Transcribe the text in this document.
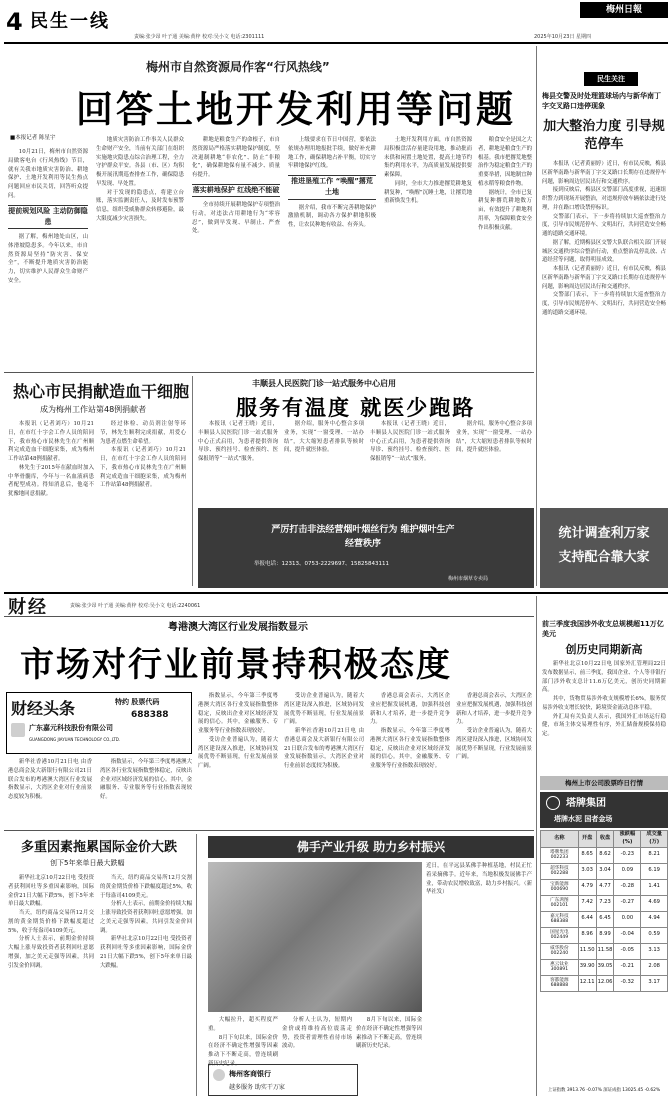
4 民生一线
责编:张少昂 叶子通 美编:黄梓 校对:吴小文 电话:2301111
梅州日報
2025年10月23日 星期四
梅州市自然资源局作客“行风热线”
回答土地开发利用等问题
■本报记者 陈星宇

10月21日，梅州市自然资源局做客电台《行风热线》节目，就有关我市地质灾害防治、耕地保护、土地开发利用等民生热点问题回应市民关切，回答听众提问。

提前规划风险 主动防御隐患

据了解，梅州地处山区，山体滑坡隐患多。今年以来，市自然资源局坚持“防灾害、保安全”，不断提升地质灾害防治能力，切实维护人民群众生命财产安全。

地质灾害防治工作事关人民群众生命财产安全，当前有关部门在组织实施地灾隐患点综合治理工程，全力守护群众平安。各县（市、区）均积极开展汛期巡查排查工作，确保隐患早发现、早处置。

对于发现的隐患点，将建立台账，落实监测责任人，及时发布预警信息，组织受威胁群众转移避险，最大限度减少灾害损失。

耕地是粮食生产的命根子，市自然资源局严格落实耕地保护制度，坚决遏制耕地“非农化”、防止“非粮化”，确保耕地保有量不减少、质量有提升。

落实耕地保护 红线绝不能破

全市持续开展耕地保护专项整治行动，对违法占用耕地行为“零容忍”，做到早发现、早制止、严查处。

上级要求在节日中国营，要依法依规办理用地报批手续，做好补充耕地工作，确保耕地占补平衡，切实守牢耕地保护红线。

推进垦殖工作 “唤醒”撂荒土地

据介绍，我市不断完善耕地保护激励机制，调动各方保护耕地积极性，让农民种地有收益、有奔头。

土地开发利用方面，市自然资源局积极盘活存量建设用地，推动批而未供和闲置土地处置，提高土地节约集约利用水平，为高质量发展提供要素保障。

同时，全市大力推进撂荒耕地复耕复种，“唤醒”沉睡土地，让撂荒地重新焕发生机。

粮食安全是国之大者，耕地是粮食生产的根基。我市把撂荒地整治作为稳定粮食生产的重要举措，因地制宜种植水稻等粮食作物。

据统计，全市已复耕复种撂荒耕地数万亩，有效提升了耕地利用率，为保障粮食安全作出积极贡献。

民生关注
梅县交警及时处理篮球场内与新华南丁字交叉路口违停现象
加大整治力度 引导规范停车

本报讯（记者黄丽婷）近日，有市民反映，梅县区新华南路与新华南丁字交叉路口长期存在违规停车问题，影响周边居民出行和交通秩序。

接到反映后，梅县区交警部门高度重视，迅速组织警力到现场开展整治，对违规停放车辆依法进行处理，并在路口增设禁停标识。

交警部门表示，下一步将持续加大巡查整治力度，引导市民规范停车、文明出行，共同营造安全畅通的道路交通环境。

据了解，近期梅县区交警大队联合相关部门开展城区交通秩序综合整治行动，重点整治乱停乱放、占道经营等问题，取得明显成效。

本报讯（记者黄丽婷）近日，有市民反映，梅县区新华南路与新华南丁字交叉路口长期存在违规停车问题，影响周边居民出行和交通秩序。

交警部门表示，下一步将持续加大巡查整治力度，引导市民规范停车、文明出行，共同营造安全畅通的道路交通环境。

热心市民捐献造血干细胞
成为梅州工作站第48例捐献者

本报讯（记者刘巧）10月21日，在市红十字会工作人员的陪同下，我市热心市民林先生在广州顺利完成造血干细胞采集，成为梅州工作站第48例捐献者。

林先生于2015年在献血时加入中华骨髓库，今年与一名血液病患者配型成功。得知消息后，他毫不犹豫地同意捐献。

经过体检、动员剂注射等环节，林先生顺利完成捐献，用爱心为患者点燃生命希望。

本报讯（记者刘巧）10月21日，在市红十字会工作人员的陪同下，我市热心市民林先生在广州顺利完成造血干细胞采集，成为梅州工作站第48例捐献者。

丰顺县人民医院门诊一站式服务中心启用
服务有温度 就医少跑路

本报讯（记者王晓）近日，丰顺县人民医院门诊一站式服务中心正式启用，为患者提供咨询导诊、预约挂号、检查预约、医保报销等“一站式”服务。

据介绍，服务中心整合多项业务，实现“一窗受理、一站办结”，大大缩短患者排队等候时间，提升就医体验。

本报讯（记者王晓）近日，丰顺县人民医院门诊一站式服务中心正式启用，为患者提供咨询导诊、预约挂号、检查预约、医保报销等“一站式”服务。

据介绍，服务中心整合多项业务，实现“一窗受理、一站办结”，大大缩短患者排队等候时间，提升就医体验。

严厉打击非法经营烟叶烟丝行为 维护烟叶生产经营秩序
举报电话：12313、0753-2229697、15825843111
梅州市烟草专卖局
统计调查利万家
支持配合靠大家
财经	责编:张少昂 叶子通 美编:黄梓 校对:吴小文 电话:2240061
粤港澳大湾区行业发展指数显示
市场对行业前景持积极态度
财经头条	特约 股票代码
688388
广东嘉元科技股份有限公司
GUANGDONG JIAYUAN TECHNOLOGY CO.,LTD.

新华社香港10月21日电 由香港总商会及大新银行有限公司21日联合发布的粤港澳大湾区行业发展指数显示，大湾区企业对行业前景态度较为积极。

指数显示，今年第三季度粤港澳大湾区各行业发展指数整体稳定，反映出企业对区域经济发展的信心。其中，金融服务、专业服务等行业指数表现较好。

指数显示，今年第三季度粤港澳大湾区各行业发展指数整体稳定，反映出企业对区域经济发展的信心。其中，金融服务、专业服务等行业指数表现较好。

受访企业普遍认为，随着大湾区建设深入推进，区域协同发展优势不断显现，行业发展前景广阔。

受访企业普遍认为，随着大湾区建设深入推进，区域协同发展优势不断显现，行业发展前景广阔。

新华社香港10月21日电 由香港总商会及大新银行有限公司21日联合发布的粤港澳大湾区行业发展指数显示，大湾区企业对行业前景态度较为积极。

香港总商会表示，大湾区企业应把握发展机遇，加强科技创新和人才培养，进一步提升竞争力。

指数显示，今年第三季度粤港澳大湾区各行业发展指数整体稳定，反映出企业对区域经济发展的信心。其中，金融服务、专业服务等行业指数表现较好。

香港总商会表示，大湾区企业应把握发展机遇，加强科技创新和人才培养，进一步提升竞争力。

受访企业普遍认为，随着大湾区建设深入推进，区域协同发展优势不断显现，行业发展前景广阔。

多重因素拖累国际金价大跌
创下5年来单日最大跌幅

新华社北京10月22日电 受投资者获利回吐等多重因素影响，国际金价21日大幅下跌5%，创下5年来单日最大跌幅。

当天，纽约商品交易所12月交割的黄金期货价格下跌幅度超过5%，收于每盎司4109美元。

分析人士表示，前期金价持续大幅上涨导致投资者获利回吐意愿增强，加之美元走强等因素，共同引发金价回调。

当天，纽约商品交易所12月交割的黄金期货价格下跌幅度超过5%，收于每盎司4109美元。

分析人士表示，前期金价持续大幅上涨导致投资者获利回吐意愿增强，加之美元走强等因素，共同引发金价回调。

新华社北京10月22日电 受投资者获利回吐等多重因素影响，国际金价21日大幅下跌5%，创下5年来单日最大跌幅。

佛手产业升级 助力乡村振兴
近日，在平远县某佛手种植基地，村民正忙着采摘佛手。近年来，当地积极发展佛手产业，带动农民增收致富，助力乡村振兴。（新华社发）

大幅拉升，超买程度严重。

8月下旬以来，国际金价在经济不确定性增强等因素推动下不断走高，曾连续刷新历史纪录。

分析人士认为，短期内金价或将维持高位震荡走势，投资者需理性看待市场波动。

8月下旬以来，国际金价在经济不确定性增强等因素推动下不断走高，曾连续刷新历史纪录。

梅州客商银行
越多服务 助实干万家
前三季度我国涉外收支总规模超11万亿美元
创历史同期新高

新华社北京10月22日电 国家外汇管理局22日发布数据显示，前三季度，我国企业、个人等非银行部门涉外收支总计11.6万亿美元，创历史同期新高。

其中，货物贸易涉外收支规模增长6%，服务贸易涉外收支增长较快，跨境资金流动总体平稳。

外汇局有关负责人表示，我国外汇市场运行稳健，市场主体交易理性有序，外汇储备规模保持稳定。

梅州上市公司股票昨日行情
塔牌集团
塔牌水泥 国者金场
名称	开盘	收盘	涨跌幅(%)	成交量(万)
塔牌集团 002233	8.65	8.62	-0.23	8.21
超华科技 002288	3.03	3.04	0.09	6.19
宝新能源 000690	4.79	4.77	-0.28	1.41
广东鸿图 002101	7.42	7.23	-0.27	4.69
嘉元科技 688388	6.44	6.45	0.00	4.94
国星光电 002449	8.96	8.99	-0.04	0.59
威华股份 002240	11.50	11.58	-0.05	3.13
惠云钛业 300891	39.90	39.05	-0.21	2.08
客都能源 688888	12.11	12.06	-0.32	3.17
上证指数 3913.76 -0.07% 深证成指 13025.45 -0.62%
